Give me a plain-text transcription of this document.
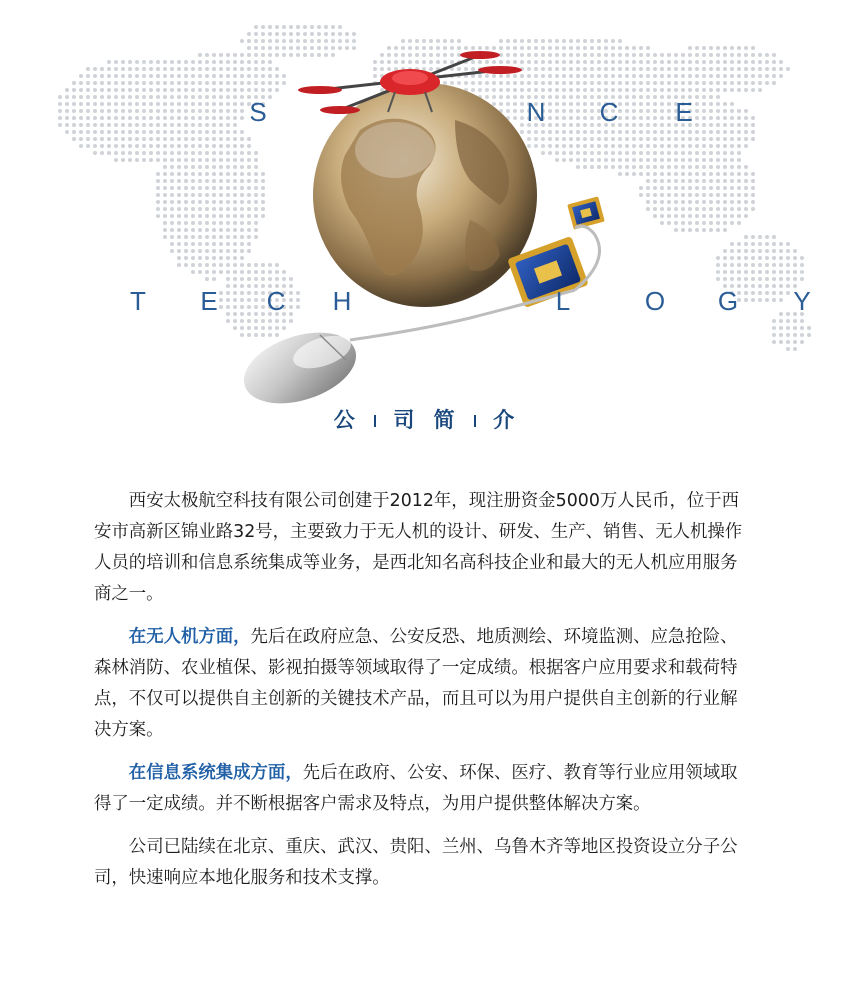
S	N C E
T E C H	L	O G Y
公 司 简 介

西安太极航空科技有限公司创建于2012年，现注册资金5000万人民币，位于西安市高新区锦业路32号，主要致力于无人机的设计、研发、生产、销售、无人机操作人员的培训和信息系统集成等业务，是西北知名高科技企业和最大的无人机应用服务商之一。

在无人机方面，先后在政府应急、公安反恐、地质测绘、环境监测、应急抢险、森林消防、农业植保、影视拍摄等领域取得了一定成绩。根据客户应用要求和载荷特点，不仅可以提供自主创新的关键技术产品，而且可以为用户提供自主创新的行业解决方案。

在信息系统集成方面，先后在政府、公安、环保、医疗、教育等行业应用领域取得了一定成绩。并不断根据客户需求及特点，为用户提供整体解决方案。

公司已陆续在北京、重庆、武汉、贵阳、兰州、乌鲁木齐等地区投资设立分子公司，快速响应本地化服务和技术支撑。
